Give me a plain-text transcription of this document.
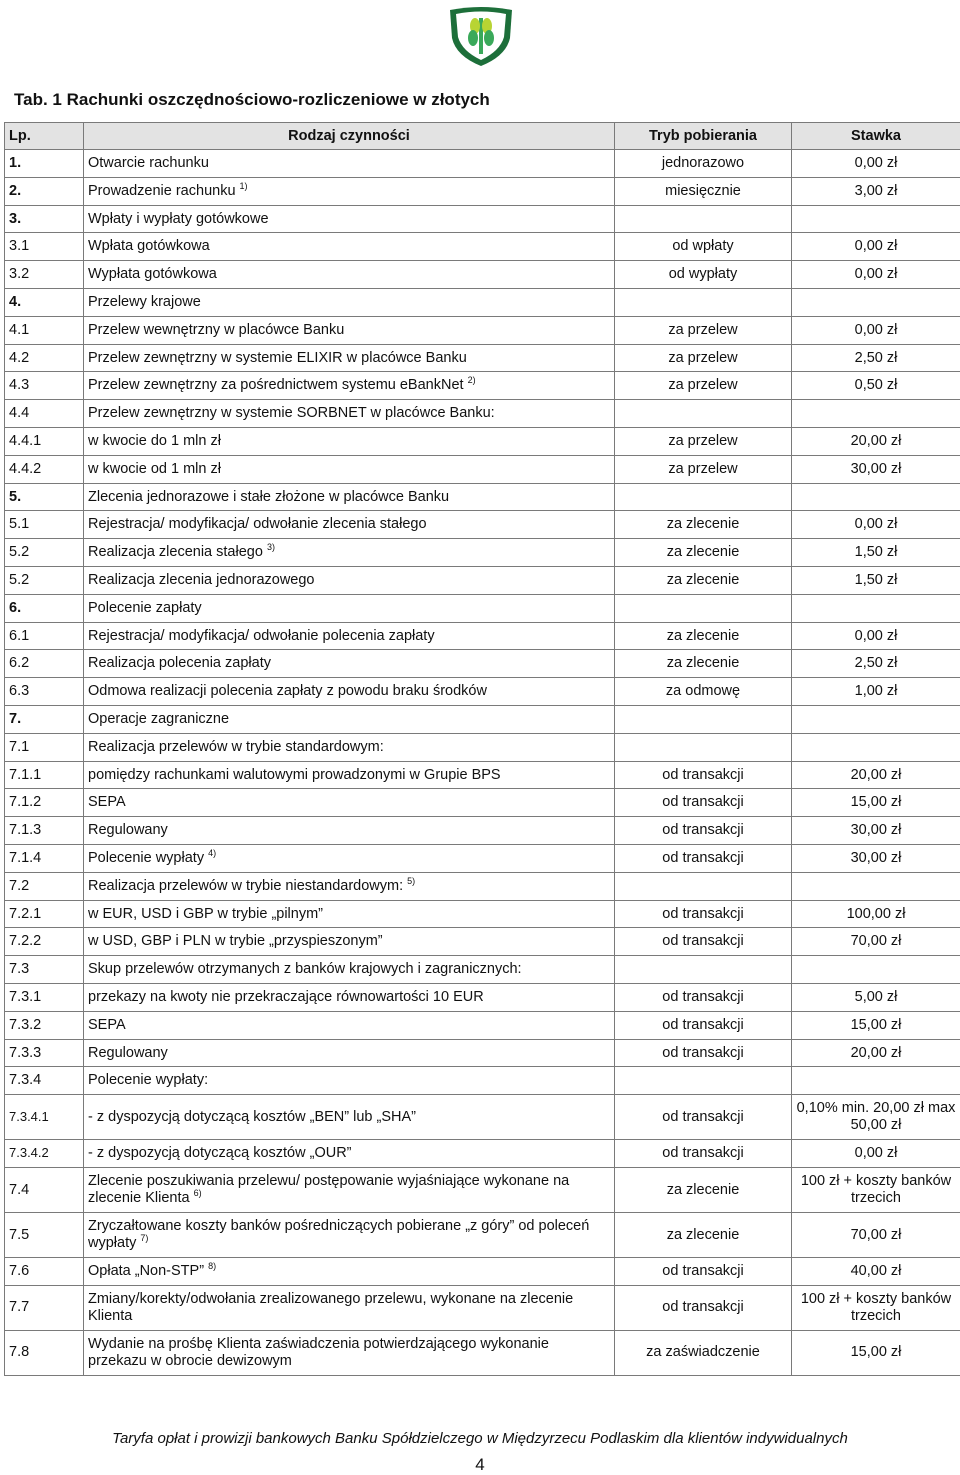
Tab. 1 Rachunki oszczędnościowo-rozliczeniowe w złotych
Lp.	Rodzaj czynności	Tryb pobierania	Stawka
1.	Otwarcie rachunku	jednorazowo	0,00 zł
2.	Prowadzenie rachunku $^{1)}$	miesięcznie	3,00 zł
3.	Wpłaty i wypłaty gotówkowe		
3.1	Wpłata gotówkowa	od wpłaty	0,00 zł
3.2	Wypłata gotówkowa	od wypłaty	0,00 zł
4.	Przelewy krajowe		
4.1	Przelew wewnętrzny w placówce Banku	za przelew	0,00 zł
4.2	Przelew zewnętrzny w systemie ELIXIR w placówce Banku	za przelew	2,50 zł
4.3	Przelew zewnętrzny za pośrednictwem systemu eBankNet $^{2)}$	za przelew	0,50 zł
4.4	Przelew zewnętrzny w systemie SORBNET w placówce Banku:		
4.4.1	w kwocie do 1 mln zł	za przelew	20,00 zł
4.4.2	w kwocie od 1 mln zł	za przelew	30,00 zł
5.	Zlecenia jednorazowe i stałe złożone w placówce Banku		
5.1	Rejestracja/ modyfikacja/ odwołanie zlecenia stałego	za zlecenie	0,00 zł
5.2	Realizacja zlecenia stałego $^{3)}$	za zlecenie	1,50 zł
5.2	Realizacja zlecenia jednorazowego	za zlecenie	1,50 zł
6.	Polecenie zapłaty		
6.1	Rejestracja/ modyfikacja/ odwołanie polecenia zapłaty	za zlecenie	0,00 zł
6.2	Realizacja polecenia zapłaty	za zlecenie	2,50 zł
6.3	Odmowa realizacji polecenia zapłaty z powodu braku środków	za odmowę	1,00 zł
7.	Operacje zagraniczne		
7.1	Realizacja przelewów w trybie standardowym:		
7.1.1	pomiędzy rachunkami walutowymi prowadzonymi w Grupie BPS	od transakcji	20,00 zł
7.1.2	SEPA	od transakcji	15,00 zł
7.1.3	Regulowany	od transakcji	30,00 zł
7.1.4	Polecenie wypłaty $^{4)}$	od transakcji	30,00 zł
7.2	Realizacja przelewów w trybie niestandardowym: $^{5)}$		
7.2.1	w EUR, USD i GBP w trybie „pilnym”	od transakcji	100,00 zł
7.2.2	w USD, GBP i PLN w trybie „przyspieszonym”	od transakcji	70,00 zł
7.3	Skup przelewów otrzymanych z banków krajowych i zagranicznych:		
7.3.1	przekazy na kwoty nie przekraczające równowartości 10 EUR	od transakcji	5,00 zł
7.3.2	SEPA	od transakcji	15,00 zł
7.3.3	Regulowany	od transakcji	20,00 zł
7.3.4	Polecenie wypłaty:		
7.3.4.1	- z dyspozycją dotyczącą kosztów „BEN” lub „SHA”	od transakcji	0,10% min. 20,00 zł max 50,00 zł
7.3.4.2	- z dyspozycją dotyczącą kosztów „OUR”	od transakcji	0,00 zł
7.4	Zlecenie poszukiwania przelewu/ postępowanie wyjaśniające wykonane na zlecenie Klienta $^{6)}$	za zlecenie	100 zł + koszty banków trzecich
7.5	Zryczałtowane koszty banków pośredniczących pobierane „z góry” od poleceń wypłaty $^{7)}$	za zlecenie	70,00 zł
7.6	Opłata „Non-STP” $^{8)}$	od transakcji	40,00 zł
7.7	Zmiany/korekty/odwołania zrealizowanego przelewu, wykonane na zlecenie Klienta	od transakcji	100 zł + koszty banków trzecich
7.8	Wydanie na prośbę Klienta zaświadczenia potwierdzającego wykonanie przekazu w obrocie dewizowym	za zaświadczenie	15,00 zł
Taryfa opłat i prowizji bankowych Banku Spółdzielczego w Międzyrzecu Podlaskim dla klientów indywidualnych
4
